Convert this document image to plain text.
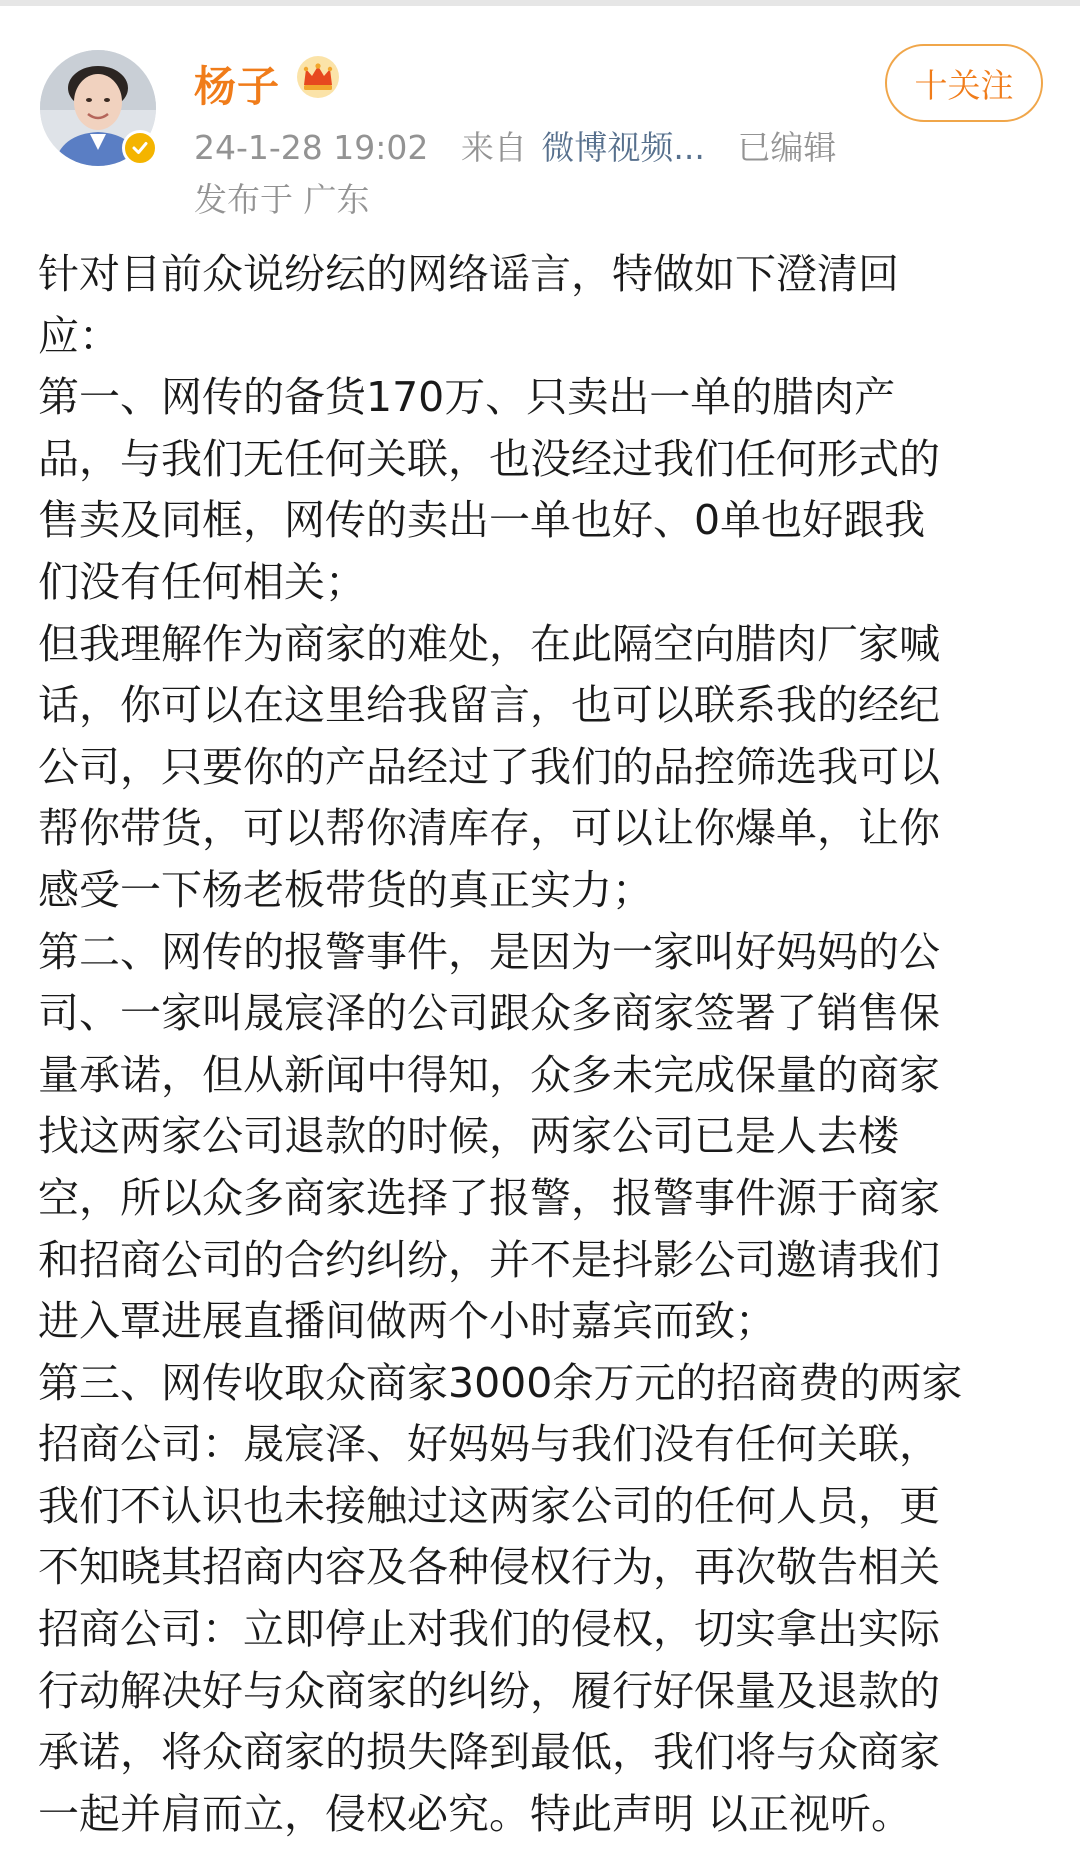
杨子
24-1-28 19:02 来自 微博视频... 已编辑
发布于 广东
十关注
针对目前众说纷纭的网络谣言，特做如下澄清回
应：
第一、网传的备货170万、只卖出一单的腊肉产
品，与我们无任何关联，也没经过我们任何形式的
售卖及同框，网传的卖出一单也好、0单也好跟我
们没有任何相关；
但我理解作为商家的难处，在此隔空向腊肉厂家喊
话，你可以在这里给我留言，也可以联系我的经纪
公司，只要你的产品经过了我们的品控筛选我可以
帮你带货，可以帮你清库存，可以让你爆单，让你
感受一下杨老板带货的真正实力；
第二、网传的报警事件，是因为一家叫好妈妈的公
司、一家叫晟宸泽的公司跟众多商家签署了销售保
量承诺，但从新闻中得知，众多未完成保量的商家
找这两家公司退款的时候，两家公司已是人去楼
空，所以众多商家选择了报警，报警事件源于商家
和招商公司的合约纠纷，并不是抖影公司邀请我们
进入覃进展直播间做两个小时嘉宾而致；
第三、网传收取众商家3000余万元的招商费的两家
招商公司：晟宸泽、好妈妈与我们没有任何关联，
我们不认识也未接触过这两家公司的任何人员，更
不知晓其招商内容及各种侵权行为，再次敬告相关
招商公司：立即停止对我们的侵权，切实拿出实际
行动解决好与众商家的纠纷，履行好保量及退款的
承诺，将众商家的损失降到最低，我们将与众商家
一起并肩而立，侵权必究。特此声明 以正视听。
